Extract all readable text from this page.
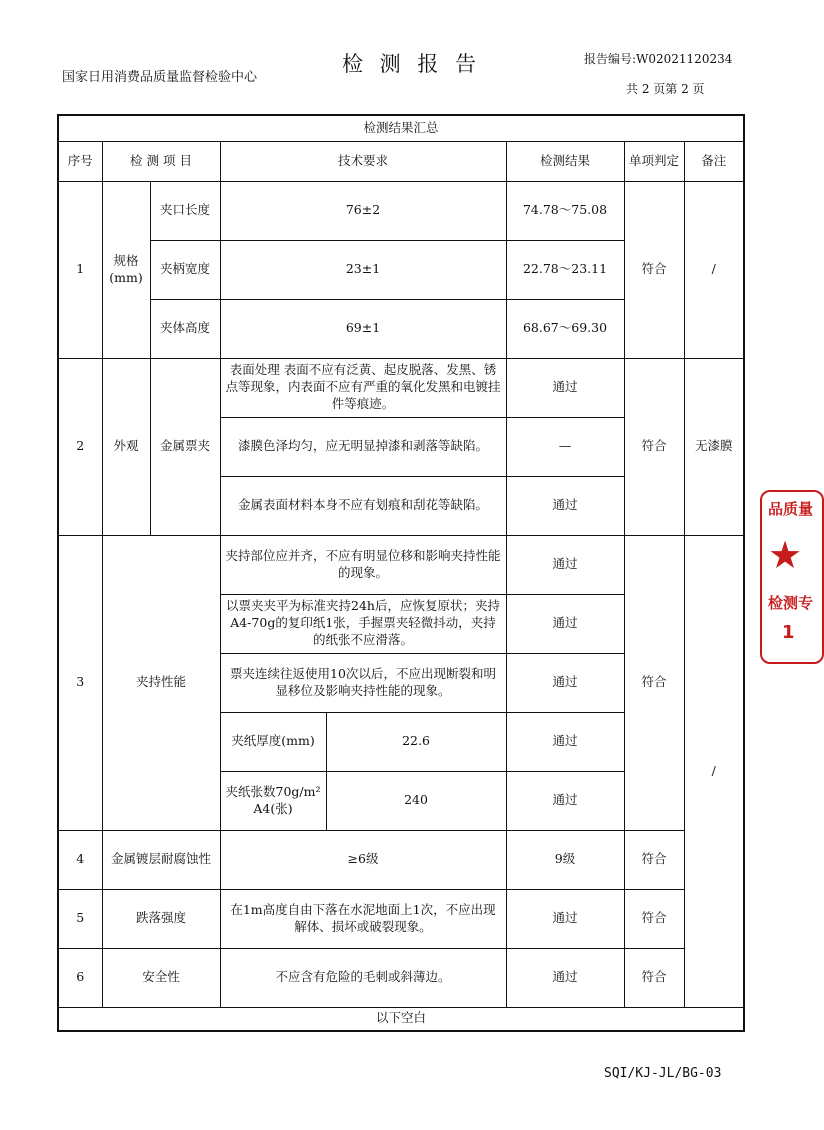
国家日用消费品质量监督检验中心
检 测 报 告	报告编号:W02021120234
共 2 页第 2 页
检测结果汇总							
序号	检 测 项 目		技术要求		检测结果	单项判定	备注
1	规格(mm)	夹口长度	76±2		74.78～75.08	符合	/
		夹柄宽度	23±1		22.78～23.11		
		夹体高度	69±1		68.67～69.30		
2	外观	金属票夹	表面处理 表面不应有泛黄、起皮脱落、发黑、锈点等现象，内表面不应有严重的氧化发黑和电镀挂件等痕迹。		通过	符合	无漆膜
			漆膜色泽均匀，应无明显掉漆和剥落等缺陷。		—		
			金属表面材料本身不应有划痕和刮花等缺陷。		通过		
3	夹持性能		夹持部位应并齐，不应有明显位移和影响夹持性能的现象。		通过	符合	/
			以票夹夹平为标准夹持24h后，应恢复原状；夹持A4-70g的复印纸1张，手握票夹轻微抖动，夹持的纸张不应滑落。		通过		
			票夹连续往返使用10次以后，不应出现断裂和明显移位及影响夹持性能的现象。		通过		
			夹纸厚度(mm)	22.6	通过		
			夹纸张数70g/m² A4(张)	240	通过		
4	金属镀层耐腐蚀性		≥6级		9级	符合	
5	跌落强度		在1m高度自由下落在水泥地面上1次，不应出现解体、损坏或破裂现象。		通过	符合	
6	安全性		不应含有危险的毛刺或斜薄边。		通过	符合	
以下空白							
品质量
★
检测专
1
SQI/KJ-JL/BG-03
